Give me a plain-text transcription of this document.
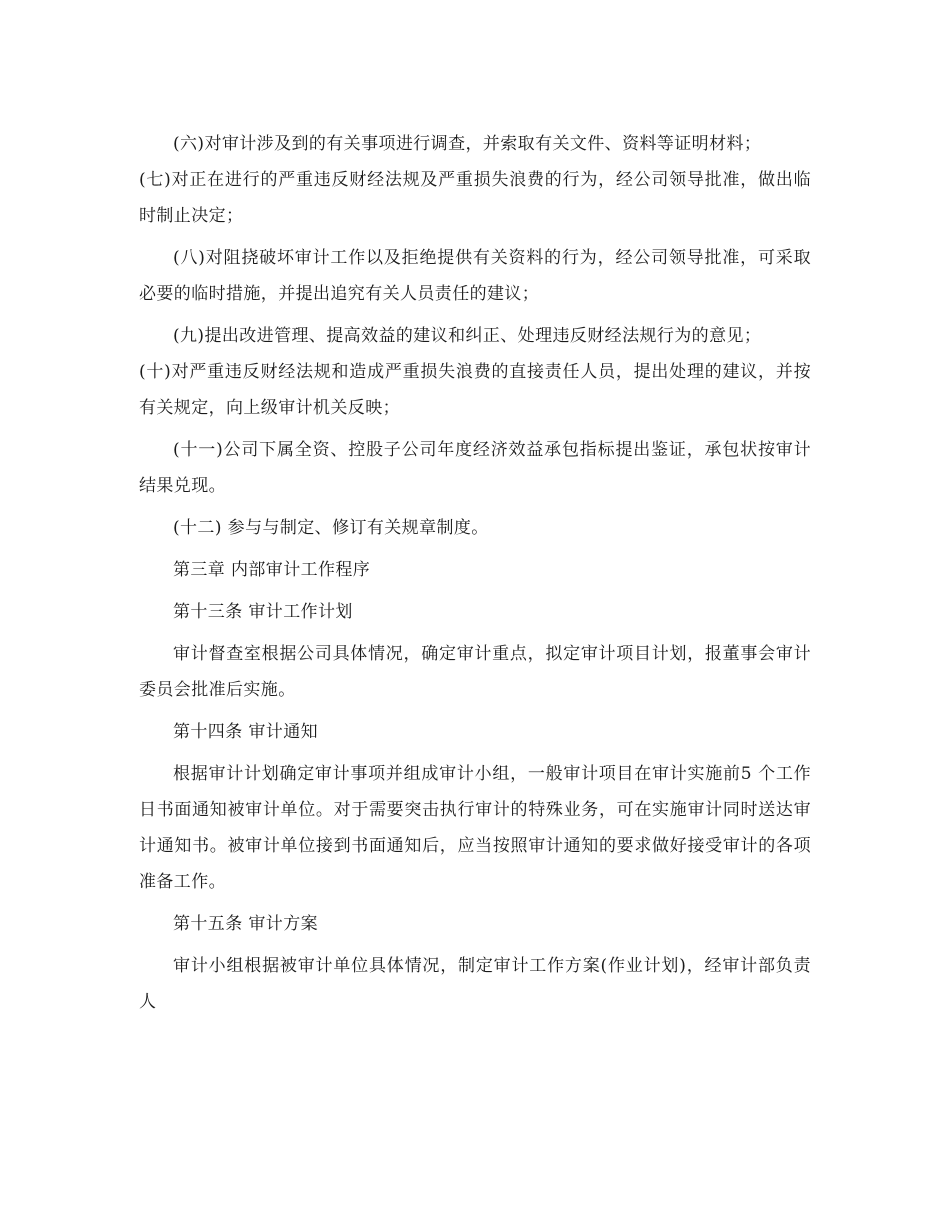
(六)对审计涉及到的有关事项进行调查，并索取有关文件、资料等证明材料；

(七)对正在进行的严重违反财经法规及严重损失浪费的行为，经公司领导批准，做出临时制止决定；

(八)对阻挠破坏审计工作以及拒绝提供有关资料的行为，经公司领导批准，可采取必要的临时措施，并提出追究有关人员责任的建议；

(九)提出改进管理、提高效益的建议和纠正、处理违反财经法规行为的意见；

(十)对严重违反财经法规和造成严重损失浪费的直接责任人员，提出处理的建议，并按有关规定，向上级审计机关反映；

(十一)公司下属全资、控股子公司年度经济效益承包指标提出鉴证，承包状按审计结果兑现。

(十二) 参与与制定、修订有关规章制度。

第三章 内部审计工作程序

第十三条 审计工作计划

审计督查室根据公司具体情况，确定审计重点，拟定审计项目计划，报董事会审计委员会批准后实施。

第十四条 审计通知

根据审计计划确定审计事项并组成审计小组，一般审计项目在审计实施前5 个工作日书面通知被审计单位。对于需要突击执行审计的特殊业务，可在实施审计同时送达审计通知书。被审计单位接到书面通知后，应当按照审计通知的要求做好接受审计的各项准备工作。

第十五条 审计方案

审计小组根据被审计单位具体情况，制定审计工作方案(作业计划)，经审计部负责人
